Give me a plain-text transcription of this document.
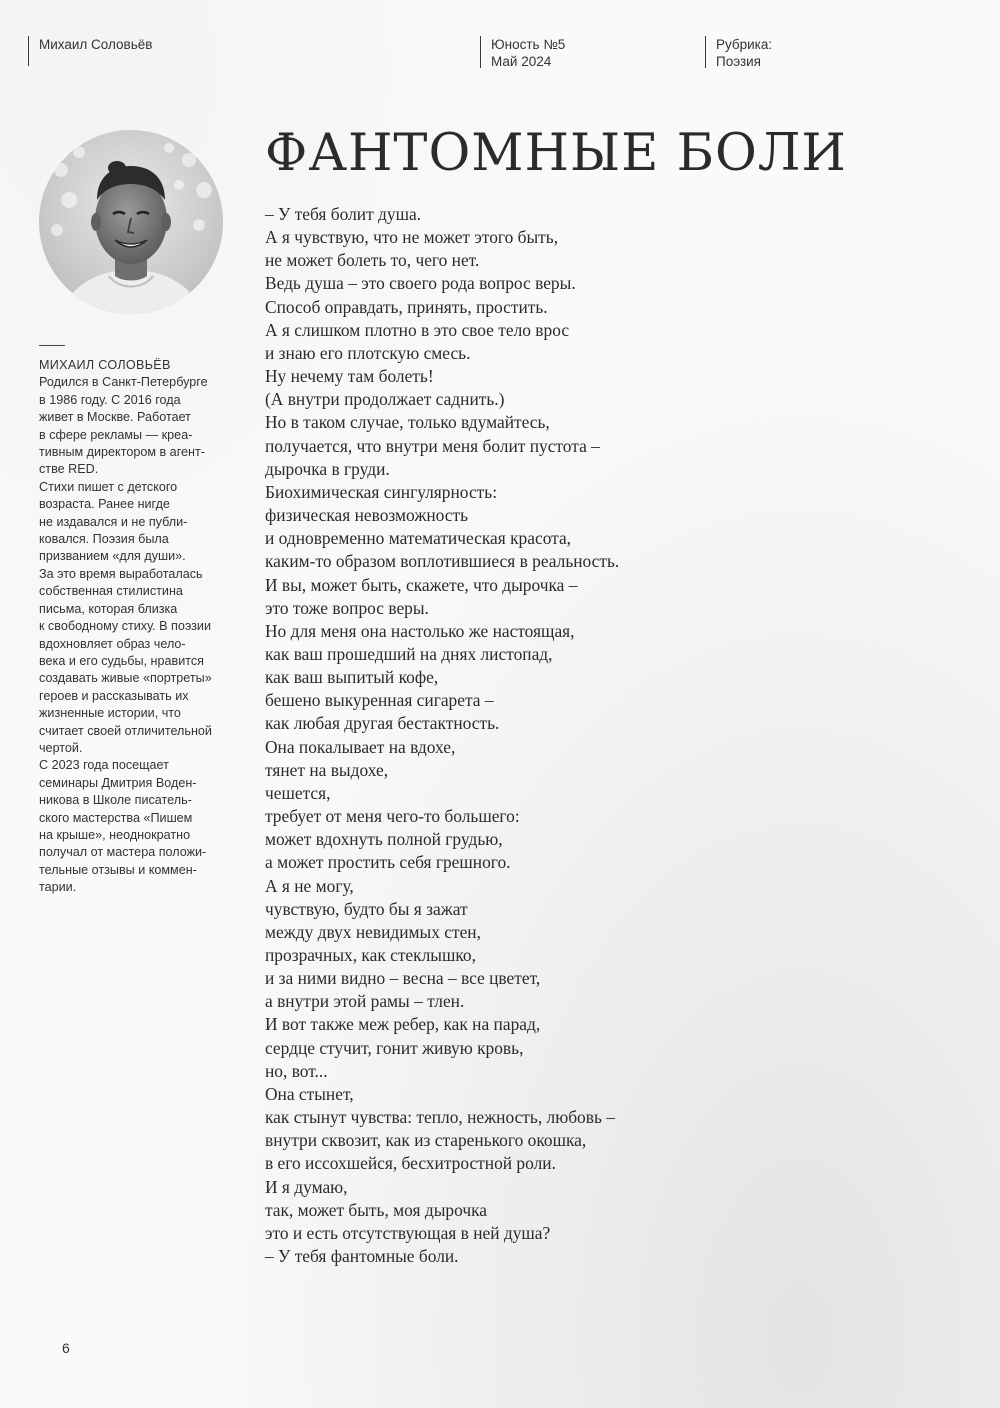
Михаил Соловьёв	Юность №5
Май 2024
Рубрика:
Поэзия
МИХАИЛ СОЛОВЬЁВ
Родился в Санкт-Петербурге
в 1986 году. С 2016 года
живет в Москве. Работает
в сфере рекламы — креа-
тивным директором в агент-
стве RED.
Стихи пишет с детского
возраста. Ранее нигде
не издавался и не публи-
ковался. Поэзия была
призванием «для души».
За это время выработалась
собственная стилистина
письма, которая близка
к свободному стиху. В поэзии
вдохновляет образ чело-
века и его судьбы, нравится
создавать живые «портреты»
героев и рассказывать их
жизненные истории, что
считает своей отличительной
чертой.
С 2023 года посещает
семинары Дмитрия Воден-
никова в Школе писатель-
ского мастерства «Пишем
на крыше», неоднократно
получал от мастера положи-
тельные отзывы и коммен-
тарии.
ФАНТОМНЫЕ БОЛИ
– У тебя болит душа.
А я чувствую, что не может этого быть,
не может болеть то, чего нет.
Ведь душа – это своего рода вопрос веры.
Способ оправдать, принять, простить.
А я слишком плотно в это свое тело врос
и знаю его плотскую смесь.
Ну нечему там болеть!
(А внутри продолжает саднить.)
Но в таком случае, только вдумайтесь,
получается, что внутри меня болит пустота –
дырочка в груди.
Биохимическая сингулярность:
физическая невозможность
и одновременно математическая красота,
каким-то образом воплотившиеся в реальность.
И вы, может быть, скажете, что дырочка –
это тоже вопрос веры.
Но для меня она настолько же настоящая,
как ваш прошедший на днях листопад,
как ваш выпитый кофе,
бешено выкуренная сигарета –
как любая другая бестактность.
Она покалывает на вдохе,
тянет на выдохе,
чешется,
требует от меня чего-то большего:
может вдохнуть полной грудью,
а может простить себя грешного.
А я не могу,
чувствую, будто бы я зажат
между двух невидимых стен,
прозрачных, как стеклышко,
и за ними видно – весна – все цветет,
а внутри этой рамы – тлен.
И вот также меж ребер, как на парад,
сердце стучит, гонит живую кровь,
но, вот...
Она стынет,
как стынут чувства: тепло, нежность, любовь –
внутри сквозит, как из старенького окошка,
в его иссохшейся, бесхитростной роли.
И я думаю,
так, может быть, моя дырочка
это и есть отсутствующая в ней душа?
– У тебя фантомные боли.
6
